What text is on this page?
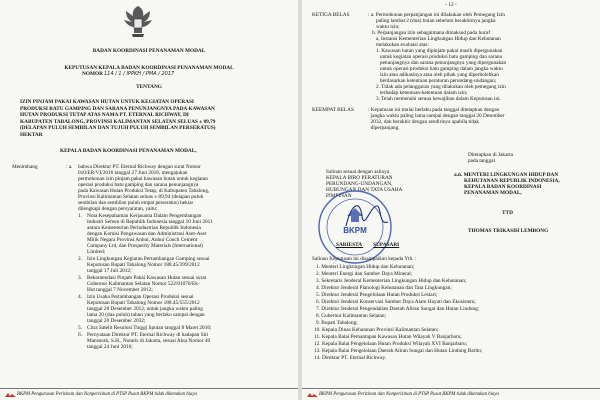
BADAN KOORDINASI PENANAMAN MODAL
KEPUTUSAN KEPALA BADAN KOORDINASI PENANAMAN MODAL
NOMOR 114 / 1 / IPPKH / PMA / 2017
TENTANG
IZIN PINJAM PAKAI KAWASAN HUTAN UNTUK KEGIATAN OPERASI
PRODUKSI BATU GAMPING DAN SARANA PENUNJANGNYA PADA KAWASAN
HUTAN PRODUKSI TETAP ATAS NAMA PT. ETERNAL RICHWAY, DI
KABUPATEN TABALONG, PROVINSI KALIMANTAN SELATAN SELUAS ± 89,79
(DELAPAN PULUH SEMBILAN DAN TUJUH PULUH SEMBILAN PERSERATUS)
HEKTAR
KEPALA BADAN KOORDINASI PENANAMAN MODAL,
Menimbang	: a. bahwa Direktur PT. Eternal Richway dengan surat Nomor
010/ER/VI/2016 tanggal 27 Juni 2016, mengajukan
permohonan izin pinjam pakai kawasan hutan untuk kegiatan
operasi produksi batu gamping dan sarana penunjangnya
pada Kawasan Hutan Produksi Tetap, di Kabupaten Tabalong,
Provinsi Kalimantan Selatan seluas ± 89,94 (delapan puluh
sembilan dan sembilan puluh empat perseratus) hektar
dilengkapi dengan persyaratan, yaitu:
1. Nota Kesepahaman Kerjasama Dalam Pengembangan
Industri Semen di Republik Indonesia tanggal 10 Juni 2011
antara Kementerian Perindustrian Republik Indonesia
dengan Komisi Pengawasan dan Administrasi Aset-Aset
Milik Negara Provinsi Anhui, Anhui Conch Cement
Company Ltd, dan Prosperity Materials (International)
Limited;
2. Izin Lingkungan Kegiatan Pertambangan Gamping sesuai
Keputusan Bupati Tabalong Nomor 188.45/399/2012
tanggal 17 Juli 2012;
3. Rekomendasi Pinjam Pakai Kawasan Hutan sesuai surat
Gubernur Kalimantan Selatan Nomor 522/01070/Ek-
Hut tanggal 7 November 2012;
4. Izin Usaha Pertambangan Operasi Produksi sesuai
Keputusan Bupati Tabalong Nomor 188.45/555/2012
tanggal 20 Desember 2012, untuk jangka waktu paling
lama 20 (dua puluh) tahun yang berlaku sampai dengan
tanggal 20 Desember 2032;
5. Citra Satelit Resolusi Tinggi liputan tanggal 8 Maret 2016;
6. Pernyataan Direktur PT. Eternal Richway di hadapan Siti
Mansurah, S.H., Notaris di Jakarta, sesuai Akta Nomor 40
tanggal 24 Juni 2016;
BKPM Pengurusan Perizinan dan Nonperizinan di PTSP Pusat BKPM tidak dikenakan biaya
- 12 -
KETIGA BELAS	: a. Permohonan perpanjangan ini dilakukan oleh Pemegang Izin
paling lambat 2 (dua) bulan sebelum berakhirnya jangka
waktu izin;
b. Perpanjangan izin sebagaimana dimaksud pada huruf
a, Instansi Kementerian Lingkungan Hidup dan Kehutanan
melakukan evaluasi atas:
1. Kawasan hutan yang dipinjam pakai masih dipergunakan
untuk kegiatan operasi produksi batu gamping dan sarana
penunjangnya dan sarana penunjangnya yang dipergunakan
untuk operasi produksi batu gamping dalam jangka waktu
izin atau adikasinya atau oleh pihak yang diperbolehkan
berdasarkan ketentuan peraturan perundang-undangan;
2. Tidak ada pelanggaran yang dilakukan oleh pemegang izin
terhadap ketentuan-ketentuan dalam izin;
3. Telah memenuhi semua kewajiban dalam Keputusan ini.
KEEMPAT BELAS	: Keputusan ini mulai berlaku pada tanggal ditetapkan dengan
jangka waktu paling lama sampai dengan tanggal 20 Desember
2032, dan berakhir dengan sendirinya apabila tidak
diperpanjang.
Ditetapkan di Jakarta
pada tanggal
a.n. MENTERI LINGKUNGAN HIDUP DAN
KEHUTANAN REPUBLIK INDONESIA,
KEPALA BADAN KOORDINASI
PENANAMAN MODAL,
TTD
THOMAS TRIKASIH LEMBONG
Salinan sesuai dengan aslinya
KEPALA BIRO PERATURAN
PERUNDANG-UNDANGAN,
HUBUNGAN DAN TATA USAHA
PIMPINAN
BKPM
SARIESTA SUPASARI
Salinan Keputusan ini disampaikan kepada Yth. :
1. Menteri Lingkungan Hidup dan Kehutanan;
2. Menteri Energi dan Sumber Daya Mineral;
3. Sekretaris Jenderal Kementerian Lingkungan Hidup dan Kehutanan;
4. Direktur Jenderal Planologi Kehutanan dan Tata Lingkungan;
5. Direktur Jenderal Pengelolaan Hutan Produksi Lestari;
6. Direktur Jenderal Konservasi Sumber Daya Alam Hayati dan Ekosistem;
7. Direktur Jenderal Pengendalian Daerah Aliran Sungai dan Hutan Lindung;
8. Gubernur Kalimantan Selatan;
9. Bupati Tabalong;
10. Kepala Dinas Kehutanan Provinsi Kalimantan Selatan;
11. Kepala Balai Pemantapan Kawasan Hutan Wilayah V Banjarbaru;
12. Kepala Balai Pengelolaan Hutan Produksi Wilayah XVI Banjarbaru;
13. Kepala Balai Pengelolaan Daerah Aliran Sungai dan Hutan Lindung Barito;
14. Direktur PT. Eternal Richway.
BKPM Pengurusan Perizinan dan Nonperizinan di PTSP Pusat BKPM tidak dikenakan biaya
